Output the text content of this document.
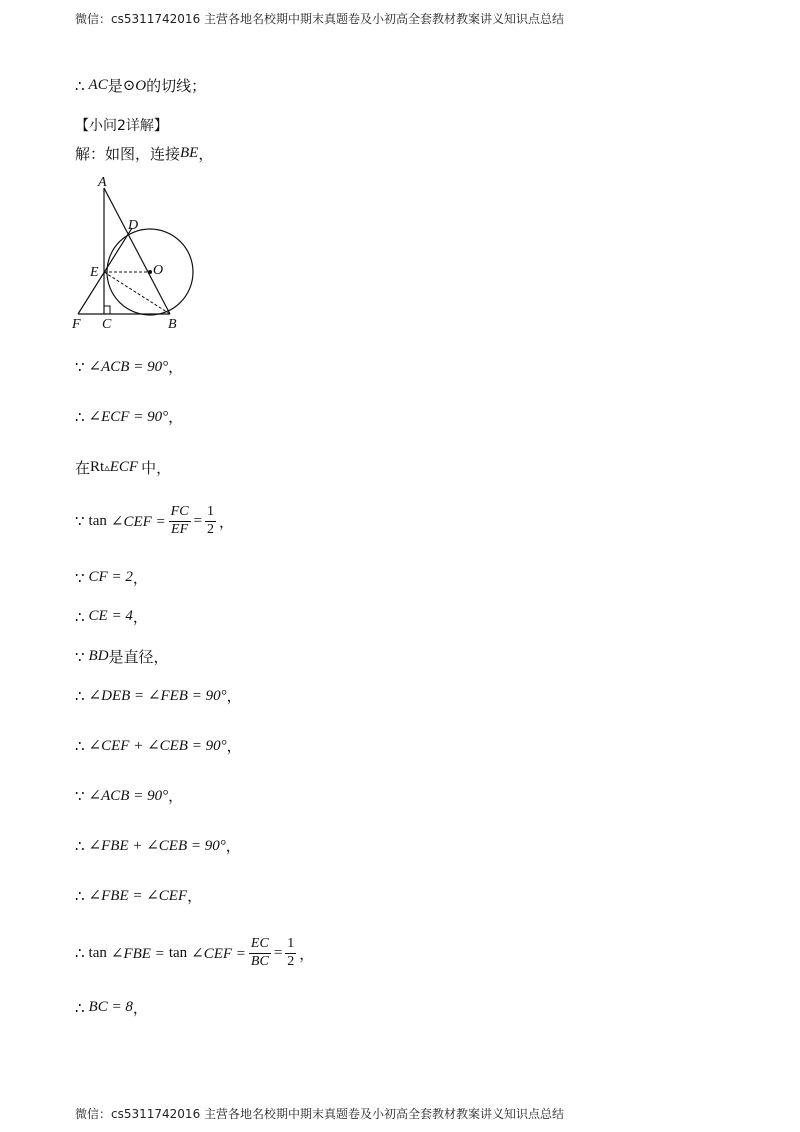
微信：cs5311742016 主营各地名校期中期末真题卷及小初高全套教材教案讲义知识点总结
∴ AC 是 ⊙O 的切线；
【小问2详解】
解：如图，连接 BE ，
A
D
E	O
F C	B
∵ ∠ACB = 90° ，
∴ ∠ECF = 90° ，
在 Rt ▵ ECF 中，
∵ tan ∠CEF = $\frac{FC}{EF} = \frac{1}{2}$ ，
∵ CF = 2 ，
∴ CE = 4 ，
∵ BD 是直径，
∴ ∠DEB = ∠FEB = 90° ，
∴ ∠CEF + ∠CEB = 90° ，
∵ ∠ACB = 90° ，
∴ ∠FBE + ∠CEB = 90° ，
∴ ∠FBE = ∠CEF ，
∴ tan ∠FBE = tan ∠CEF = $\frac{EC}{BC} = \frac{1}{2}$ ，
∴ BC = 8 ，
微信：cs5311742016 主营各地名校期中期末真题卷及小初高全套教材教案讲义知识点总结
